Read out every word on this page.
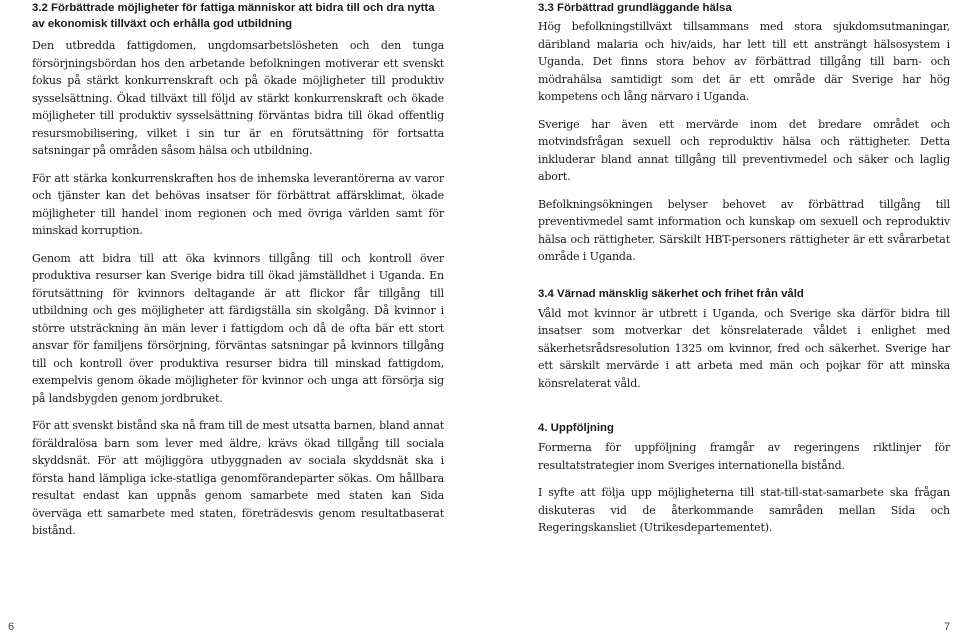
3.2 Förbättrade möjligheter för fattiga människor att bidra till och dra nytta av ekonomisk tillväxt och erhålla god utbildning

Den utbredda fattigdomen, ungdomsarbetslösheten och den tunga försörjningsbördan hos den arbetande befolkningen motiverar ett svenskt fokus på stärkt konkurrenskraft och på ökade möjligheter till produktiv sysselsättning. Ökad tillväxt till följd av stärkt konkurrenskraft och ökade möjligheter till produktiv sysselsättning förväntas bidra till ökad offentlig resursmobilisering, vilket i sin tur är en förutsättning för fortsatta satsningar på områden såsom hälsa och utbildning.

För att stärka konkurrenskraften hos de inhemska leverantörerna av varor och tjänster kan det behövas insatser för förbättrat affärsklimat, ökade möjligheter till handel inom regionen och med övriga världen samt för minskad korruption.

Genom att bidra till att öka kvinnors tillgång till och kontroll över produktiva resurser kan Sverige bidra till ökad jämställdhet i Uganda. En förutsättning för kvinnors deltagande är att flickor får tillgång till utbildning och ges möjligheter att färdigställa sin skolgång. Då kvinnor i större utsträckning än män lever i fattigdom och då de ofta bär ett stort ansvar för familjens försörjning, förväntas satsningar på kvinnors tillgång till och kontroll över produktiva resurser bidra till minskad fattigdom, exempelvis genom ökade möjligheter för kvinnor och unga att försörja sig på landsbygden genom jordbruket.

För att svenskt bistånd ska nå fram till de mest utsatta barnen, bland annat föräldralösa barn som lever med äldre, krävs ökad tillgång till sociala skyddsnät. För att möjliggöra utbyggnaden av sociala skyddsnät ska i första hand lämpliga icke-statliga genomförandeparter sökas. Om hållbara resultat endast kan uppnås genom samarbete med staten kan Sida överväga ett samarbete med staten, företrädesvis genom resultatbaserat bistånd.

3.3 Förbättrad grundläggande hälsa

Hög befolkningstillväxt tillsammans med stora sjukdomsutmaningar, däribland malaria och hiv/aids, har lett till ett ansträngt hälsosystem i Uganda. Det finns stora behov av förbättrad tillgång till barn- och mödrahälsa samtidigt som det är ett område där Sverige har hög kompetens och lång närvaro i Uganda.

Sverige har även ett mervärde inom det bredare området och motvindsfrågan sexuell och reproduktiv hälsa och rättigheter. Detta inkluderar bland annat tillgång till preventivmedel och säker och laglig abort.

Befolkningsökningen belyser behovet av förbättrad tillgång till preventivmedel samt information och kunskap om sexuell och reproduktiv hälsa och rättigheter. Särskilt HBT-personers rättigheter är ett svårarbetat område i Uganda.

3.4 Värnad mänsklig säkerhet och frihet från våld

Våld mot kvinnor är utbrett i Uganda, och Sverige ska därför bidra till insatser som motverkar det könsrelaterade våldet i enlighet med säkerhetsrådsresolution 1325 om kvinnor, fred och säkerhet. Sverige har ett särskilt mervärde i att arbeta med män och pojkar för att minska könsrelaterat våld.

4. Uppföljning

Formerna för uppföljning framgår av regeringens riktlinjer för resultatstrategier inom Sveriges internationella bistånd.

I syfte att följa upp möjligheterna till stat-till-stat-samarbete ska frågan diskuteras vid de återkommande samråden mellan Sida och Regeringskansliet (Utrikesdepartementet).

6	7
